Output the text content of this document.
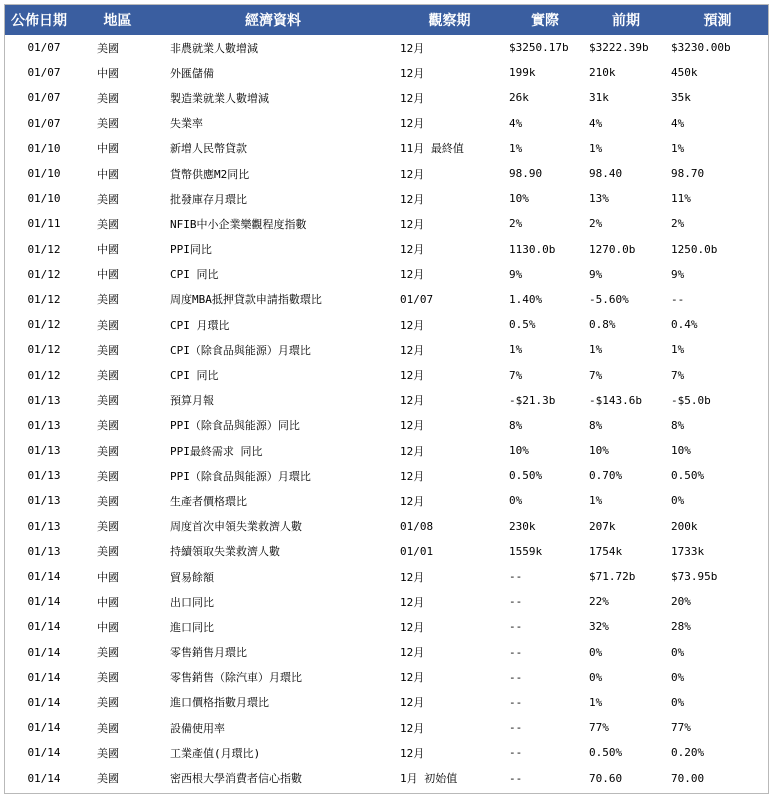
公佈日期	地區	經濟資料	觀察期	實際	前期	預測
01/07	美國	非農就業人數增減	12月	$3250.17b	$3222.39b	$3230.00b
01/07	中國	外匯儲備	12月	199k	210k	450k
01/07	美國	製造業就業人數增減	12月	26k	31k	35k
01/07	美國	失業率	12月	4%	4%	4%
01/10	中國	新增人民幣貸款	11月 最終值	1%	1%	1%
01/10	中國	貨幣供應M2同比	12月	98.90	98.40	98.70
01/10	美國	批發庫存月環比	12月	10%	13%	11%
01/11	美國	NFIB中小企業樂觀程度指數	12月	2%	2%	2%
01/12	中國	PPI同比	12月	1130.0b	1270.0b	1250.0b
01/12	中國	CPI 同比	12月	9%	9%	9%
01/12	美國	周度MBA抵押貸款申請指數環比	01/07	1.40%	-5.60%	--
01/12	美國	CPI 月環比	12月	0.5%	0.8%	0.4%
01/12	美國	CPI（除食品與能源）月環比	12月	1%	1%	1%
01/12	美國	CPI 同比	12月	7%	7%	7%
01/13	美國	預算月報	12月	-$21.3b	-$143.6b	-$5.0b
01/13	美國	PPI（除食品與能源）同比	12月	8%	8%	8%
01/13	美國	PPI最終需求 同比	12月	10%	10%	10%
01/13	美國	PPI（除食品與能源）月環比	12月	0.50%	0.70%	0.50%
01/13	美國	生產者價格環比	12月	0%	1%	0%
01/13	美國	周度首次申領失業救濟人數	01/08	230k	207k	200k
01/13	美國	持續領取失業救濟人數	01/01	1559k	1754k	1733k
01/14	中國	貿易餘額	12月	--	$71.72b	$73.95b
01/14	中國	出口同比	12月	--	22%	20%
01/14	中國	進口同比	12月	--	32%	28%
01/14	美國	零售銷售月環比	12月	--	0%	0%
01/14	美國	零售銷售（除汽車）月環比	12月	--	0%	0%
01/14	美國	進口價格指數月環比	12月	--	1%	0%
01/14	美國	設備使用率	12月	--	77%	77%
01/14	美國	工業產值(月環比)	12月	--	0.50%	0.20%
01/14	美國	密西根大學消費者信心指數	1月 初始值	--	70.60	70.00
